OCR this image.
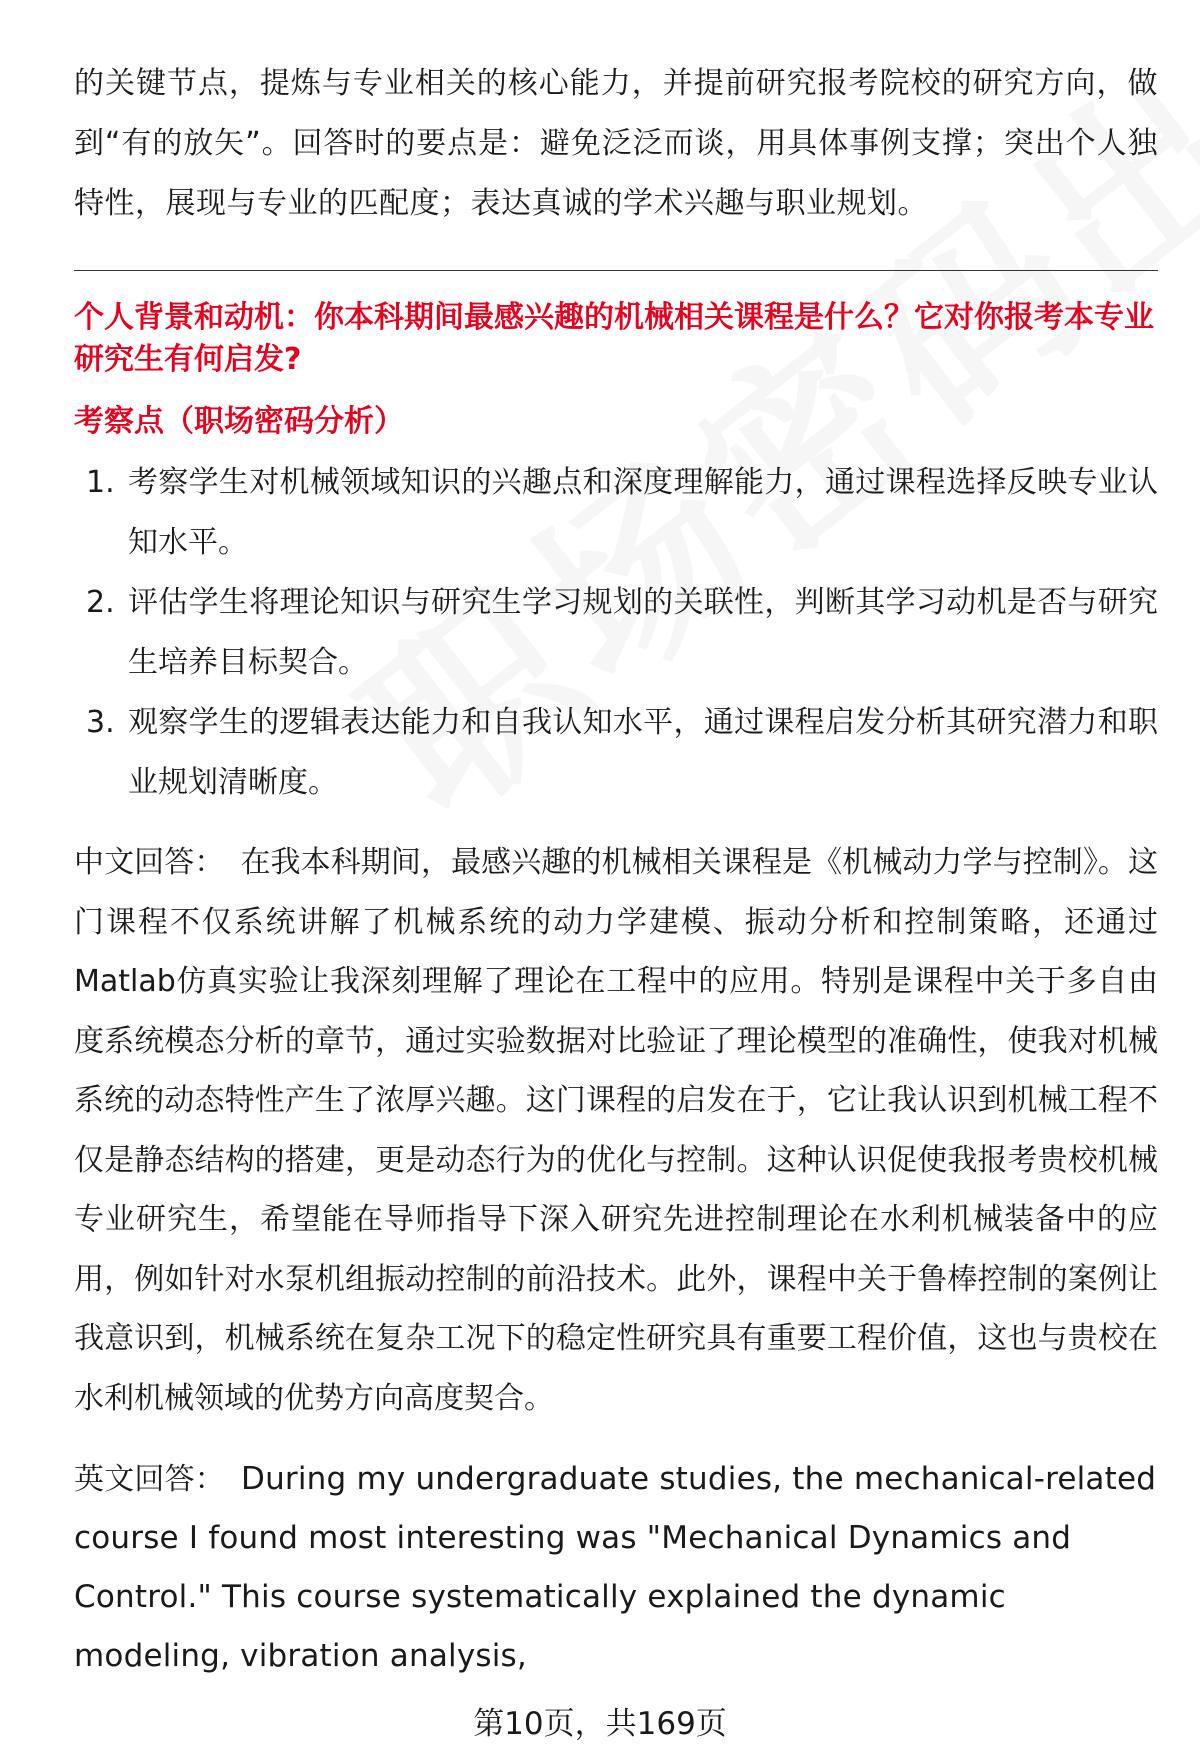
的关键节点，提炼与专业相关的核心能力，并提前研究报考院校的研究方向，做到“有的放矢”。回答时的要点是：避免泛泛而谈，用具体事例支撑；突出个人独特性，展现与专业的匹配度；表达真诚的学术兴趣与职业规划。

个人背景和动机：你本科期间最感兴趣的机械相关课程是什么？它对你报考本专业研究生有何启发?

考察点（职场密码分析）

1. 考察学生对机械领域知识的兴趣点和深度理解能力，通过课程选择反映专业认知水平。
2. 评估学生将理论知识与研究生学习规划的关联性，判断其学习动机是否与研究生培养目标契合。
3. 观察学生的逻辑表达能力和自我认知水平，通过课程启发分析其研究潜力和职业规划清晰度。

中文回答： 在我本科期间，最感兴趣的机械相关课程是《机械动力学与控制》。这门课程不仅系统讲解了机械系统的动力学建模、振动分析和控制策略，还通过Matlab仿真实验让我深刻理解了理论在工程中的应用。特别是课程中关于多自由度系统模态分析的章节，通过实验数据对比验证了理论模型的准确性，使我对机械系统的动态特性产生了浓厚兴趣。这门课程的启发在于，它让我认识到机械工程不仅是静态结构的搭建，更是动态行为的优化与控制。这种认识促使我报考贵校机械专业研究生，希望能在导师指导下深入研究先进控制理论在水利机械装备中的应用，例如针对水泵机组振动控制的前沿技术。此外，课程中关于鲁棒控制的案例让我意识到，机械系统在复杂工况下的稳定性研究具有重要工程价值，这也与贵校在水利机械领域的优势方向高度契合。

英文回答： During my undergraduate studies, the mechanical-related course I found most interesting was "Mechanical Dynamics and Control." This course systematically explained the dynamic modeling, vibration analysis,

第10页，共169页
